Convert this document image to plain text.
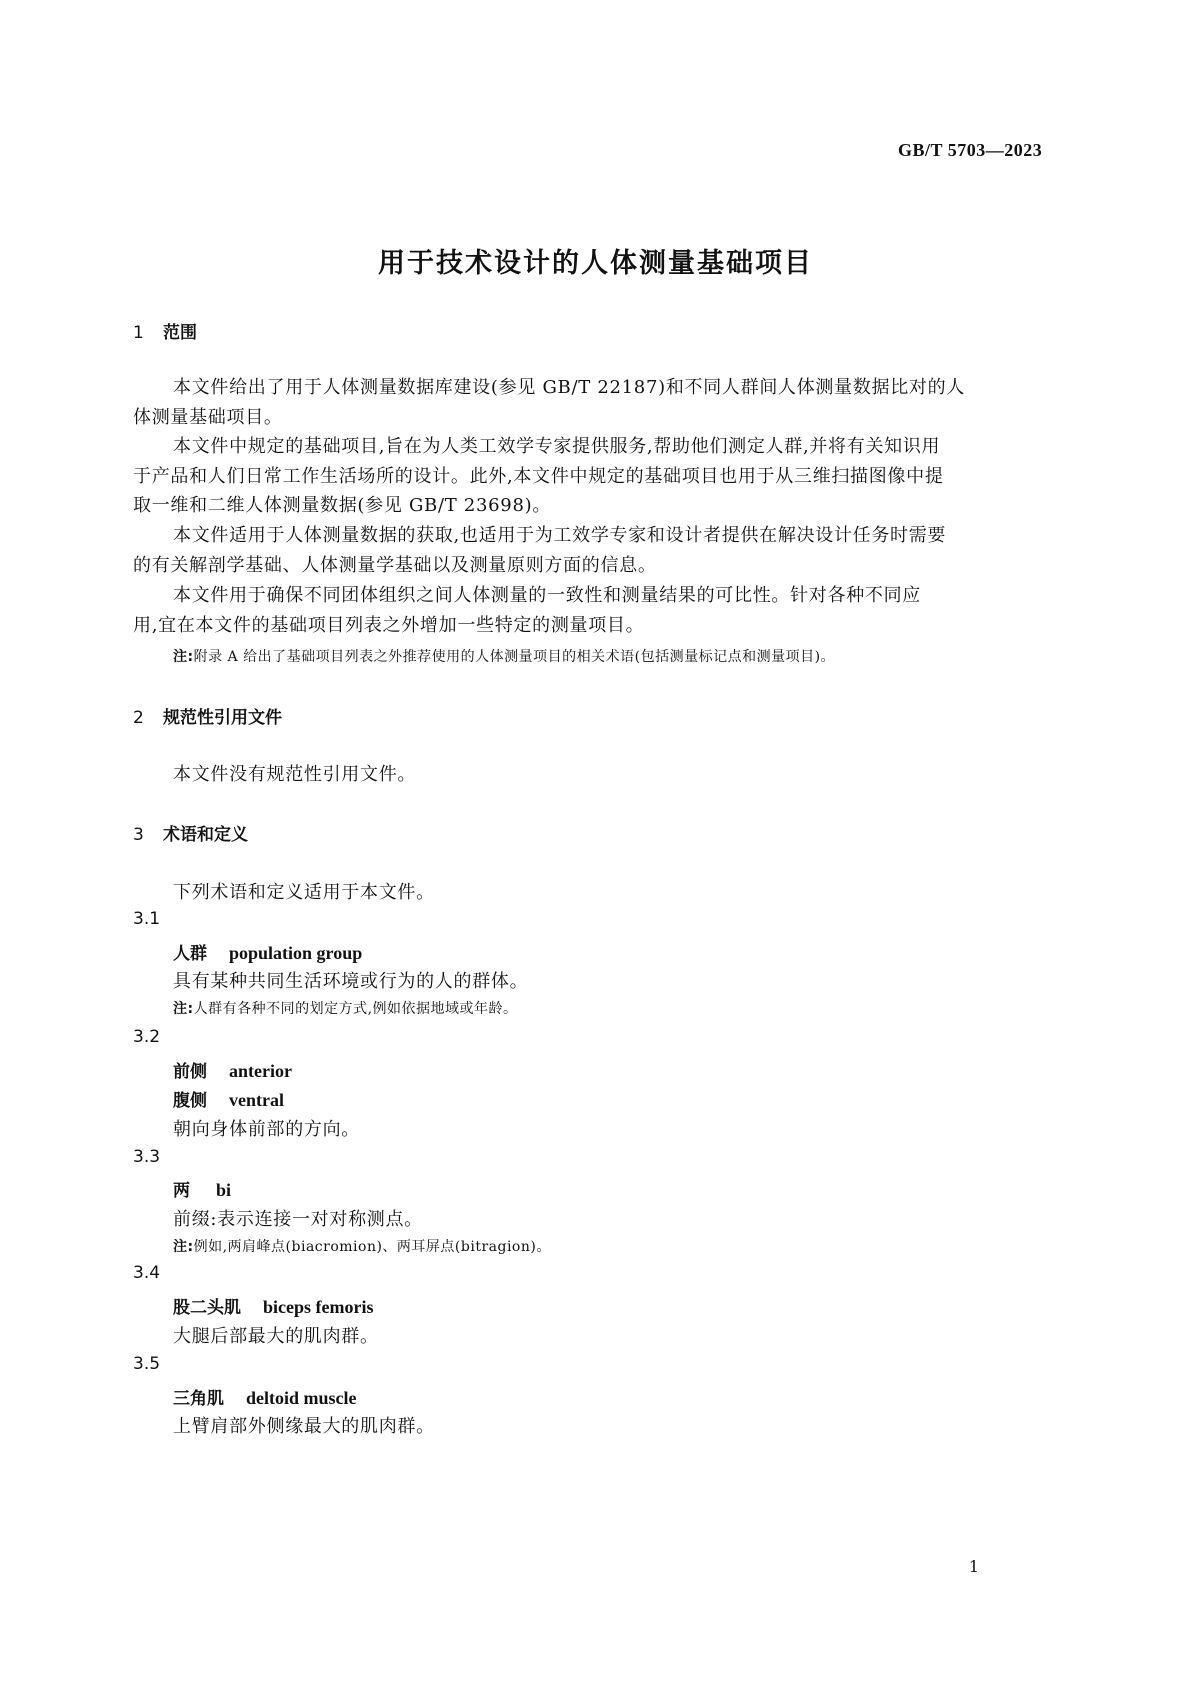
GB/T 5703—2023
用于技术设计的人体测量基础项目
1 范围
本文件给出了用于人体测量数据库建设(参见 GB/T 22187)和不同人群间人体测量数据比对的人
体测量基础项目。
本文件中规定的基础项目,旨在为人类工效学专家提供服务,帮助他们测定人群,并将有关知识用
于产品和人们日常工作生活场所的设计。此外,本文件中规定的基础项目也用于从三维扫描图像中提
取一维和二维人体测量数据(参见 GB/T 23698)。
本文件适用于人体测量数据的获取,也适用于为工效学专家和设计者提供在解决设计任务时需要
的有关解剖学基础、人体测量学基础以及测量原则方面的信息。
本文件用于确保不同团体组织之间人体测量的一致性和测量结果的可比性。针对各种不同应
用,宜在本文件的基础项目列表之外增加一些特定的测量项目。
注:附录 A 给出了基础项目列表之外推荐使用的人体测量项目的相关术语(包括测量标记点和测量项目)。
2 规范性引用文件
本文件没有规范性引用文件。
3 术语和定义
下列术语和定义适用于本文件。
3.1
人群 population group
具有某种共同生活环境或行为的人的群体。
注:人群有各种不同的划定方式,例如依据地域或年龄。
3.2
前侧 anterior
腹侧 ventral
朝向身体前部的方向。
3.3
两 bi
前缀:表示连接一对对称测点。
注:例如,两肩峰点(biacromion)、两耳屏点(bitragion)。
3.4
股二头肌 biceps femoris
大腿后部最大的肌肉群。
3.5
三角肌 deltoid muscle
上臂肩部外侧缘最大的肌肉群。
1
